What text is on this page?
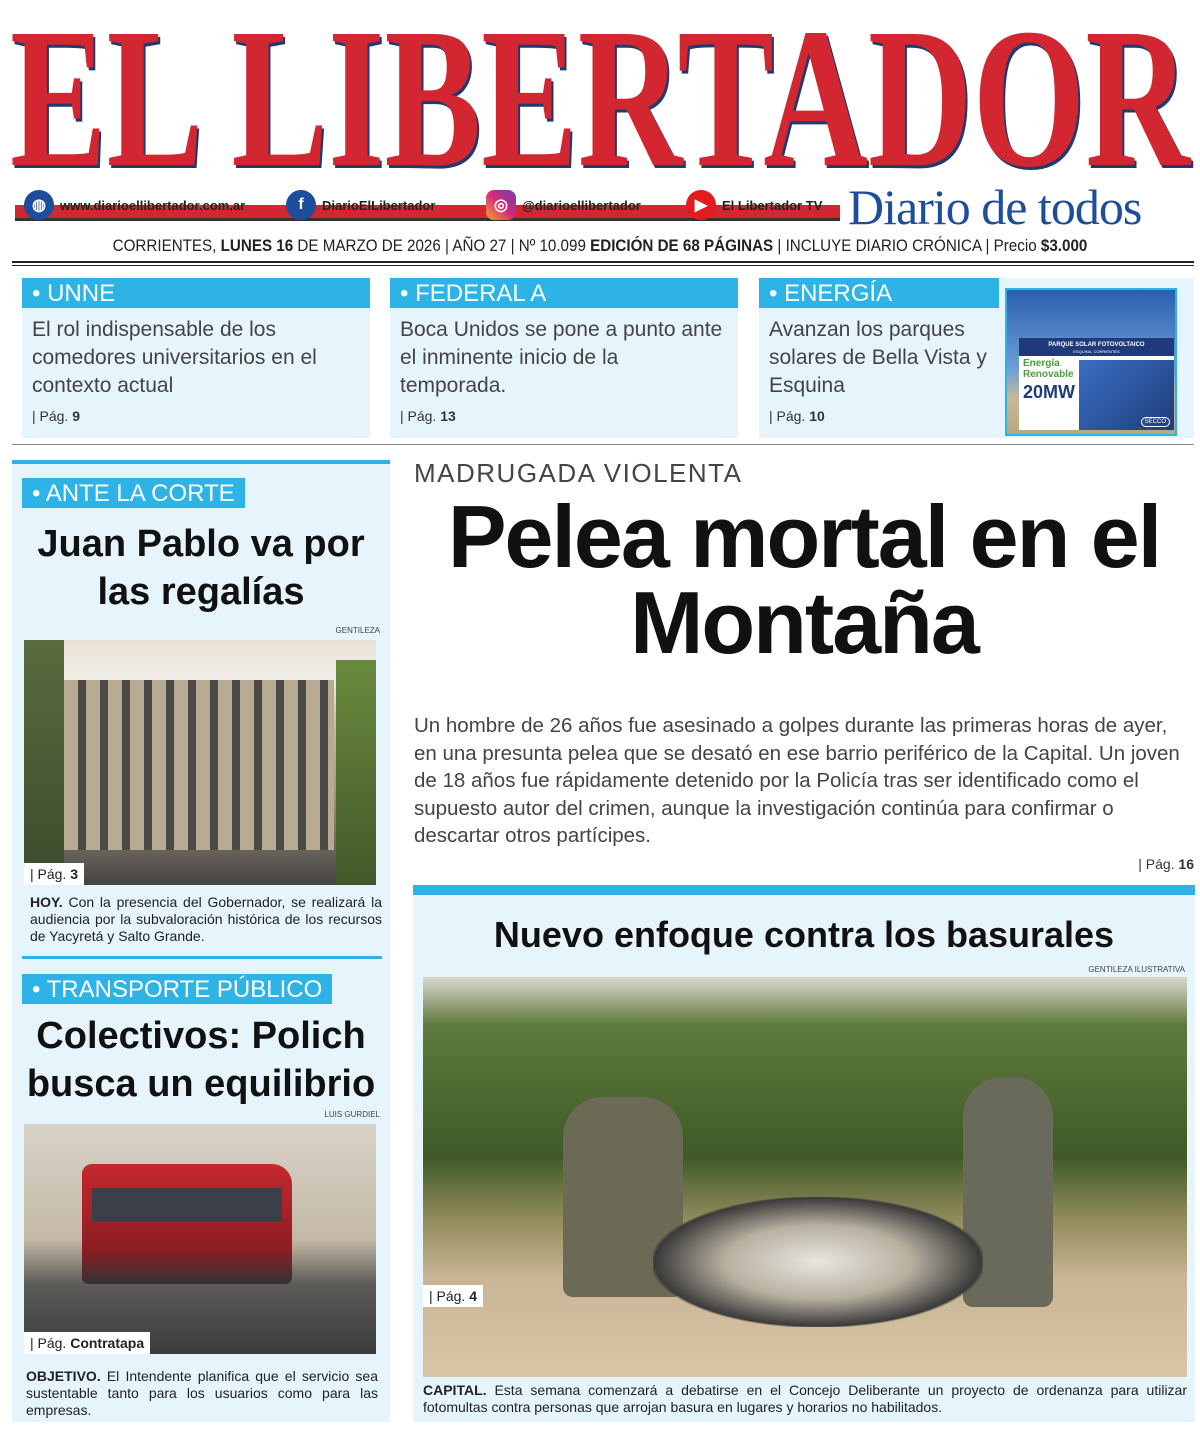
EL LIBERTADOR
◍	www.diarioellibertador.com.ar	f	DiarioElLibertador	◎	@diarioellibertador	▶	El Libertador TV Diario de todos
CORRIENTES, LUNES 16 DE MARZO DE 2026 | AÑO 27 | Nº 10.099 EDICIÓN DE 68 PÁGINAS | INCLUYE DIARIO CRÓNICA | Precio $3.000
• UNNE
El rol indispensable de los comedores universitarios en el contexto actual
| Pág. 9
• FEDERAL A
Boca Unidos se pone a punto ante el inminente inicio de la temporada.
| Pág. 13
• ENERGÍA
Avanzan los parques solares de Bella Vista y Esquina
| Pág. 10
PARQUE SOLAR FOTOVOLTAICO
ESQUINA, CORRIENTES
Energía
Renovable
20MW
SECCO
• ANTE LA CORTE
Juan Pablo va por las regalías
GENTILEZA
| Pág. 3
HOY. Con la presencia del Gobernador, se realizará la audiencia por la subvaloración histórica de los recursos de Yacyretá y Salto Grande.
• TRANSPORTE PÚBLICO
Colectivos: Polich busca un equilibrio
LUIS GURDIEL
| Pág. Contratapa
OBJETIVO. El Intendente planifica que el servicio sea sustentable tanto para los usuarios como para las empresas.
MADRUGADA VIOLENTA
Pelea mortal en el Montaña
Un hombre de 26 años fue asesinado a golpes durante las primeras horas de ayer, en una presunta pelea que se desató en ese barrio periférico de la Capital. Un joven de 18 años fue rápidamente detenido por la Policía tras ser identificado como el supuesto autor del crimen, aunque la investigación continúa para confirmar o descartar otros partícipes.
| Pág. 16
Nuevo enfoque contra los basurales
GENTILEZA ILUSTRATIVA
| Pág. 4
CAPITAL. Esta semana comenzará a debatirse en el Concejo Deliberante un proyecto de ordenanza para utilizar fotomultas contra personas que arrojan basura en lugares y horarios no habilitados.
